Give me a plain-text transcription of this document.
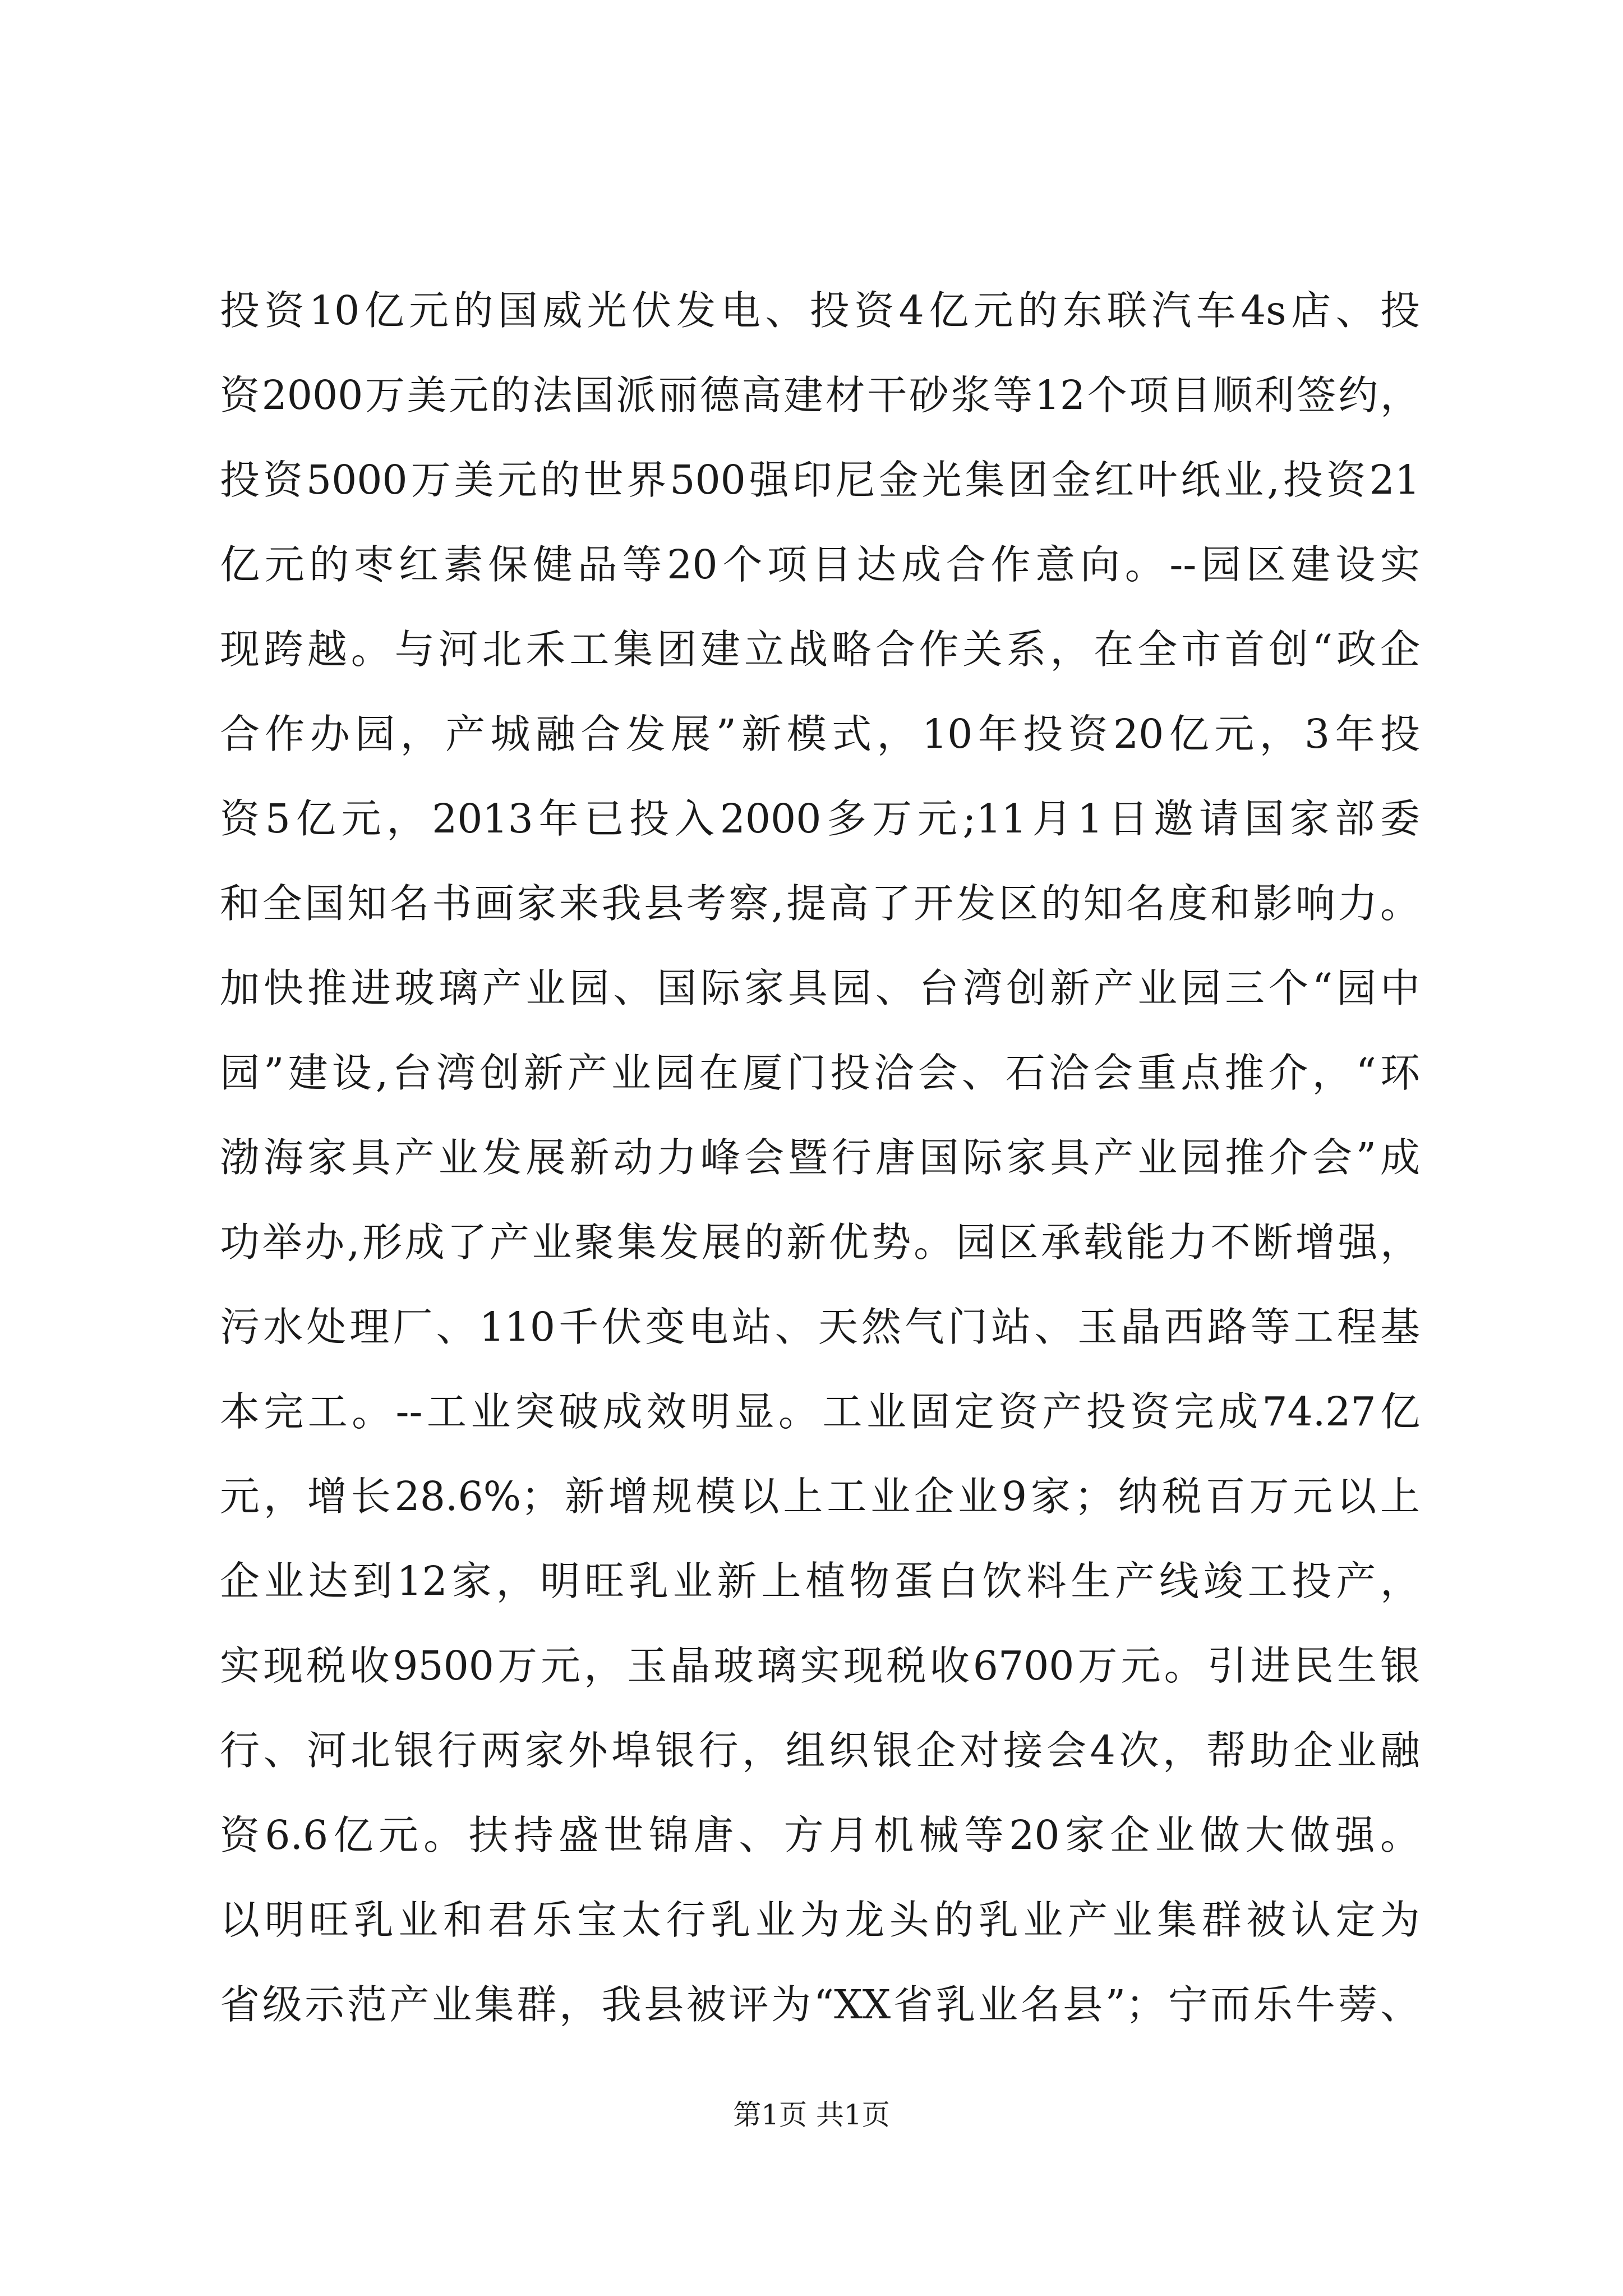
投资10亿元的国威光伏发电、投资4亿元的东联汽车4s店、投
资2000万美元的法国派丽德高建材干砂浆等12个项目顺利签约，
投资5000万美元的世界500强印尼金光集团金红叶纸业,投资21
亿元的枣红素保健品等20个项目达成合作意向。--园区建设实
现跨越。与河北禾工集团建立战略合作关系，在全市首创“政企
合作办园，产城融合发展”新模式，10年投资20亿元，3年投
资5亿元，2013年已投入2000多万元;11月1日邀请国家部委
和全国知名书画家来我县考察,提高了开发区的知名度和影响力。
加快推进玻璃产业园、国际家具园、台湾创新产业园三个“园中
园”建设,台湾创新产业园在厦门投洽会、石洽会重点推介，“环
渤海家具产业发展新动力峰会暨行唐国际家具产业园推介会”成
功举办,形成了产业聚集发展的新优势。园区承载能力不断增强，
污水处理厂、110千伏变电站、天然气门站、玉晶西路等工程基
本完工。--工业突破成效明显。工业固定资产投资完成74.27亿
元，增长28.6%；新增规模以上工业企业9家；纳税百万元以上
企业达到12家，明旺乳业新上植物蛋白饮料生产线竣工投产，
实现税收9500万元，玉晶玻璃实现税收6700万元。引进民生银
行、河北银行两家外埠银行，组织银企对接会4次，帮助企业融
资6.6亿元。扶持盛世锦唐、方月机械等20家企业做大做强。
以明旺乳业和君乐宝太行乳业为龙头的乳业产业集群被认定为
省级示范产业集群，我县被评为“XX省乳业名县”；宁而乐牛蒡、
第1页 共1页
